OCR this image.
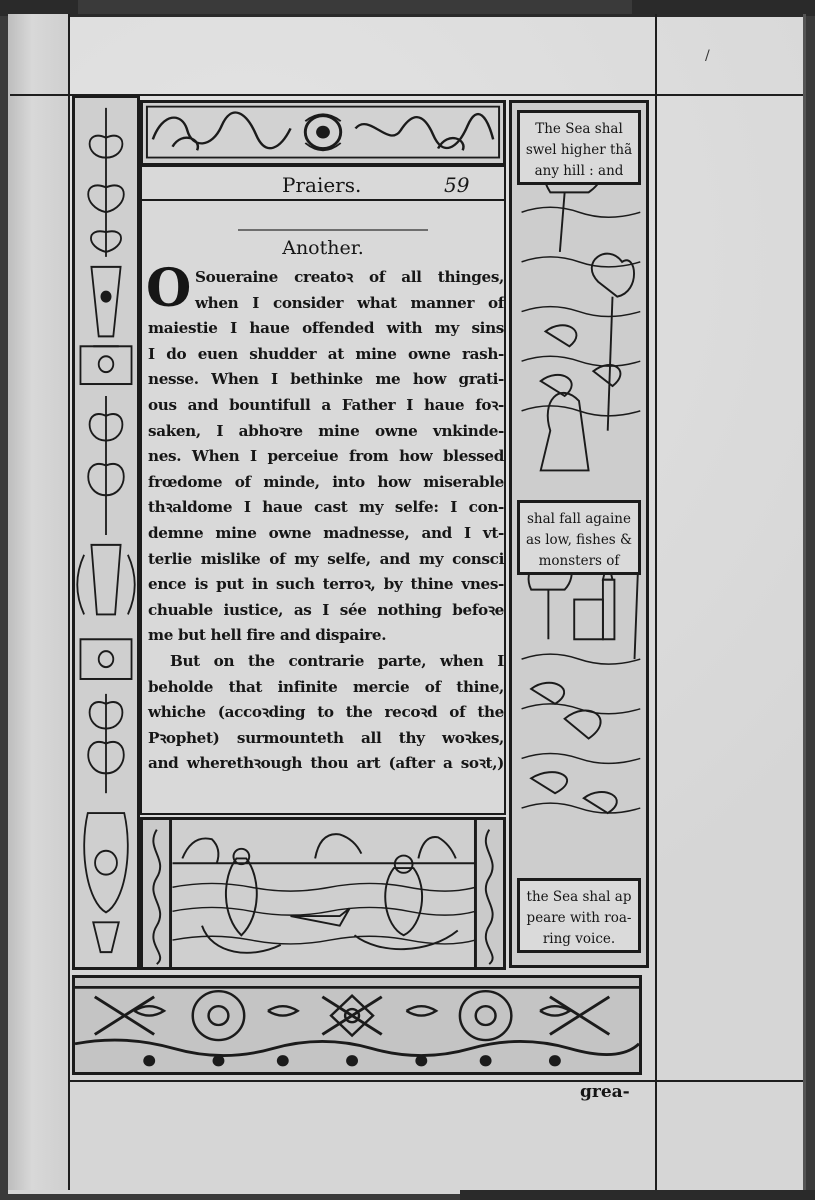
/
Praiers.	59
Another.
O Soueraine creatoꝛ of all thinges,
when I consider what manner of
maiestie I haue offended with my sins
I do euen shudder at mine owne rash-
nesse. When I bethinke me how grati-
ous and bountifull a Father I haue foꝛ-
saken, I abhoꝛre mine owne vnkinde-
nes. When I perceiue from how blessed
frœdome of minde, into how miserable
thꝛaldome I haue cast my selfe: I con-
demne mine owne madnesse, and I vt-
terlie mislike of my selfe, and my consci
ence is put in such terroꝛ, by thine vnes-
chuable iustice, as I sée nothing befoꝛe
me but hell fire and dispaire.
But on the contrarie parte, when I
beholde that infinite mercie of thine,
whiche (accoꝛding to the recoꝛd of the
Pꝛophet) surmounteth all thy woꝛkes,
and wherethꝛough thou art (after a soꝛt,)
The Sea shal
swel higher thã
any hill : and
shal fall againe
as low, fishes &
monsters of
the Sea shal ap
peare with roa-
ring voice.
grea-
